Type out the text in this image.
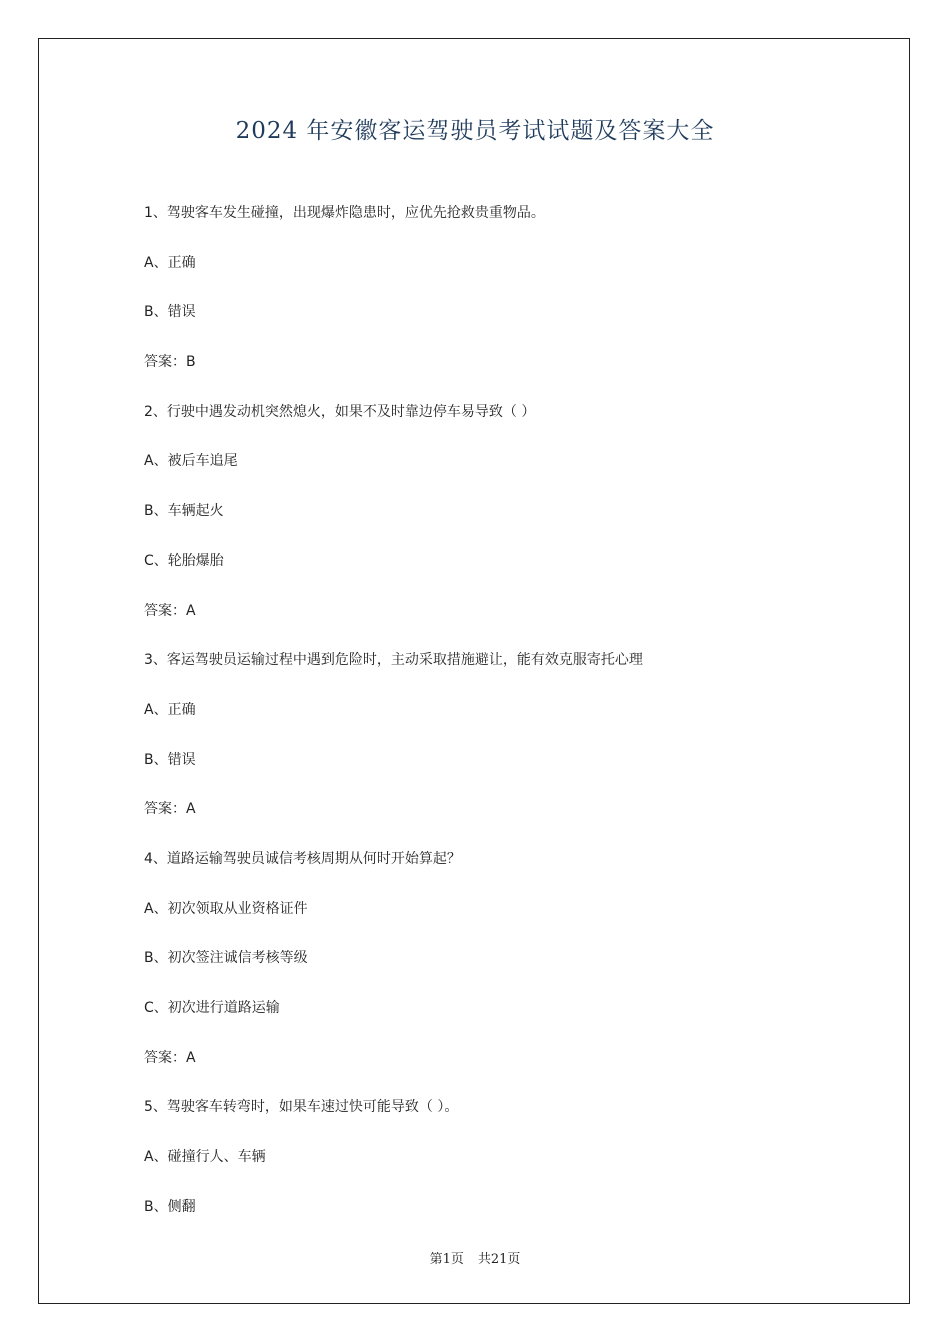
2024 年安徽客运驾驶员考试试题及答案大全
1、驾驶客车发生碰撞，出现爆炸隐患时，应优先抢救贵重物品。
A、正确
B、错误
答案：B
2、行驶中遇发动机突然熄火，如果不及时靠边停车易导致（ ）
A、被后车追尾
B、车辆起火
C、轮胎爆胎
答案：A
3、客运驾驶员运输过程中遇到危险时，主动采取措施避让，能有效克服寄托心理
A、正确
B、错误
答案：A
4、道路运输驾驶员诚信考核周期从何时开始算起？
A、初次领取从业资格证件
B、初次签注诚信考核等级
C、初次进行道路运输
答案：A
5、驾驶客车转弯时，如果车速过快可能导致（ ）。
A、碰撞行人、车辆
B、侧翻
第1页 共21页
